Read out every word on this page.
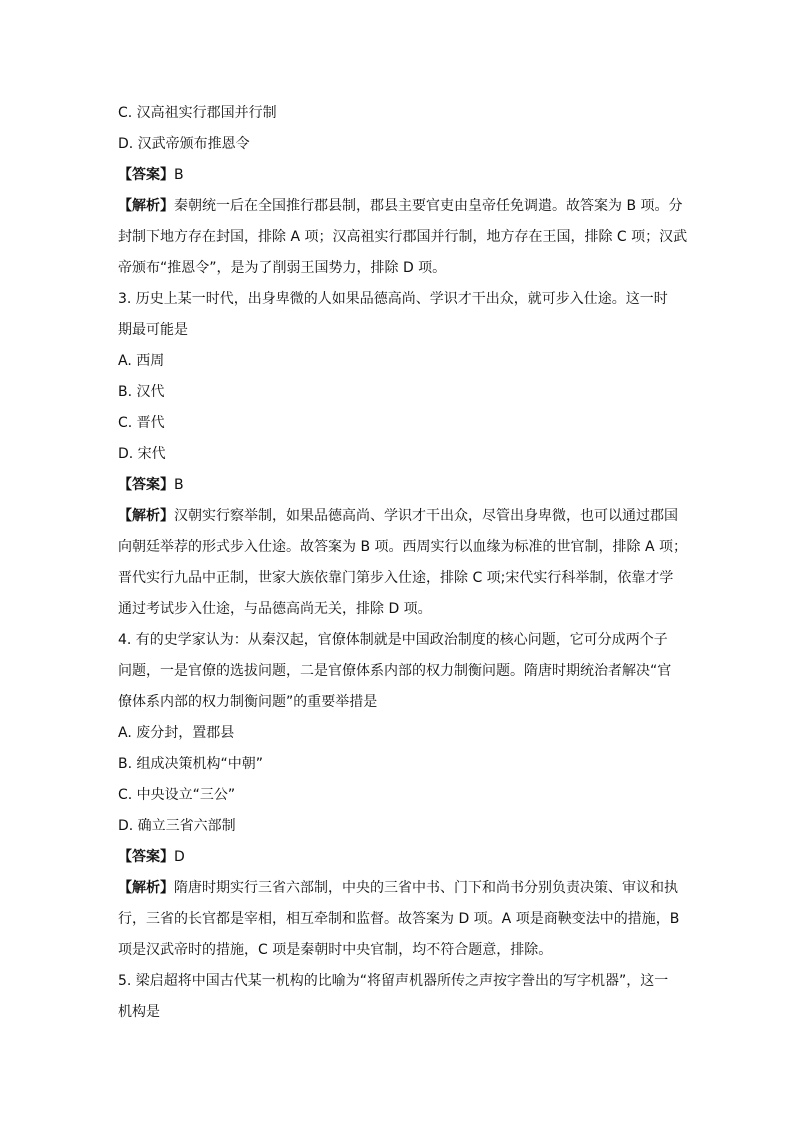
C. 汉高祖实行郡国并行制

D. 汉武帝颁布推恩令

【答案】B

【解析】秦朝统一后在全国推行郡县制，郡县主要官吏由皇帝任免调遣。故答案为 B 项。分

封制下地方存在封国，排除 A 项；汉高祖实行郡国并行制，地方存在王国，排除 C 项；汉武

帝颁布“推恩令”，是为了削弱王国势力，排除 D 项。

3. 历史上某一时代，出身卑微的人如果品德高尚、学识才干出众，就可步入仕途。这一时

期最可能是

A. 西周

B. 汉代

C. 晋代

D. 宋代

【答案】B

【解析】汉朝实行察举制，如果品德高尚、学识才干出众，尽管出身卑微，也可以通过郡国

向朝廷举荐的形式步入仕途。故答案为 B 项。西周实行以血缘为标准的世官制，排除 A 项；

晋代实行九品中正制，世家大族依靠门第步入仕途，排除 C 项;宋代实行科举制，依靠才学

通过考试步入仕途，与品德高尚无关，排除 D 项。

4. 有的史学家认为：从秦汉起，官僚体制就是中国政治制度的核心问题，它可分成两个子

问题，一是官僚的选拔问题，二是官僚体系内部的权力制衡问题。隋唐时期统治者解决“官

僚体系内部的权力制衡问题”的重要举措是

A. 废分封，置郡县

B. 组成决策机构“中朝”

C. 中央设立“三公”

D. 确立三省六部制

【答案】D

【解析】隋唐时期实行三省六部制，中央的三省中书、门下和尚书分别负责决策、审议和执

行，三省的长官都是宰相，相互牵制和监督。故答案为 D 项。A 项是商鞅变法中的措施，B

项是汉武帝时的措施，C 项是秦朝时中央官制，均不符合题意，排除。

5. 梁启超将中国古代某一机构的比喻为“将留声机器所传之声按字誊出的写字机器”，这一

机构是
